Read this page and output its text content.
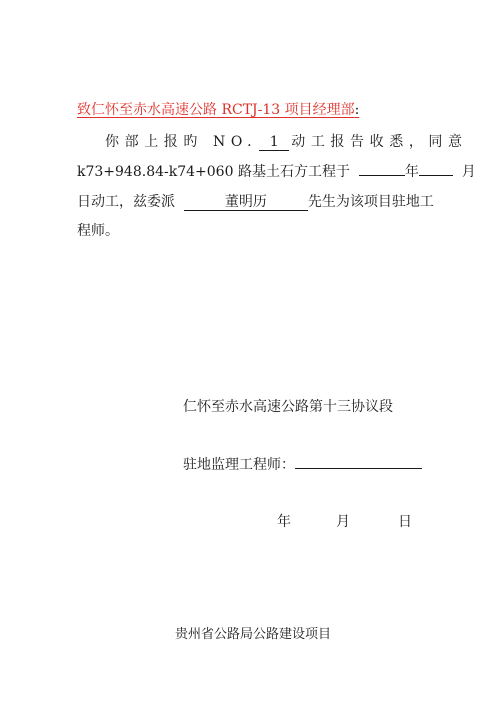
致仁怀至赤水高速公路 RCTJ-13 项目经理部:
你部上报旳 NO. 1 动工报告收悉，同意
k73+948.84-k74+060 路基土石方工程于	年	月
日动工，兹委派	董明历	先生为该项目驻地工
程师。
仁怀至赤水高速公路第十三协议段
驻地监理工程师：
年	月	日
贵州省公路局公路建设项目
